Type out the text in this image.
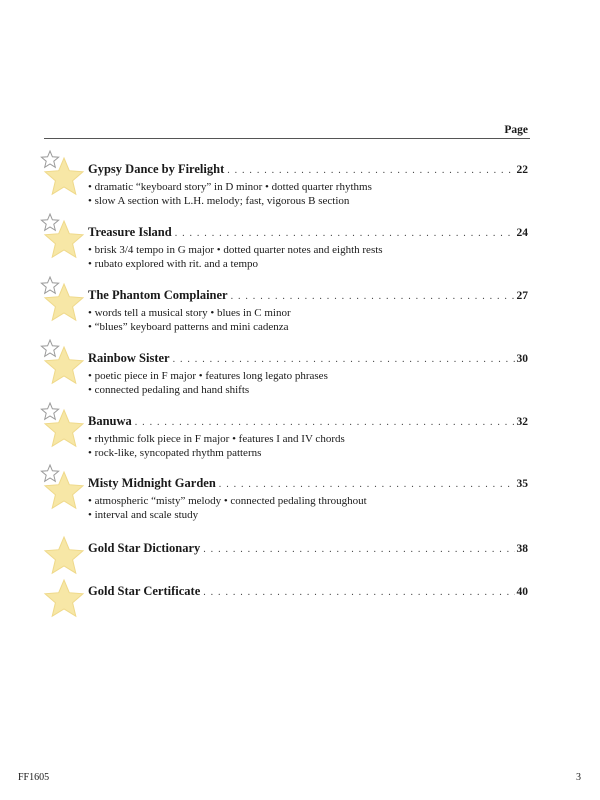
Page
Gypsy Dance by Firelight . . .	22
• dramatic “keyboard story” in D minor • dotted quarter rhythms
• slow A section with L.H. melody; fast, vigorous B section
Treasure Island . . .	24
• brisk 3/4 tempo in G major • dotted quarter notes and eighth rests
• rubato explored with rit. and a tempo
The Phantom Complainer . . .	27
• words tell a musical story • blues in C minor
• “blues” keyboard patterns and mini cadenza
Rainbow Sister . . .	30
• poetic piece in F major • features long legato phrases
• connected pedaling and hand shifts
Banuwa . . .	32
• rhythmic folk piece in F major • features I and IV chords
• rock-like, syncopated rhythm patterns
Misty Midnight Garden . . .	35
• atmospheric “misty” melody • connected pedaling throughout
• interval and scale study
Gold Star Dictionary . . .	38
Gold Star Certificate . . .	40
FF1605	3
